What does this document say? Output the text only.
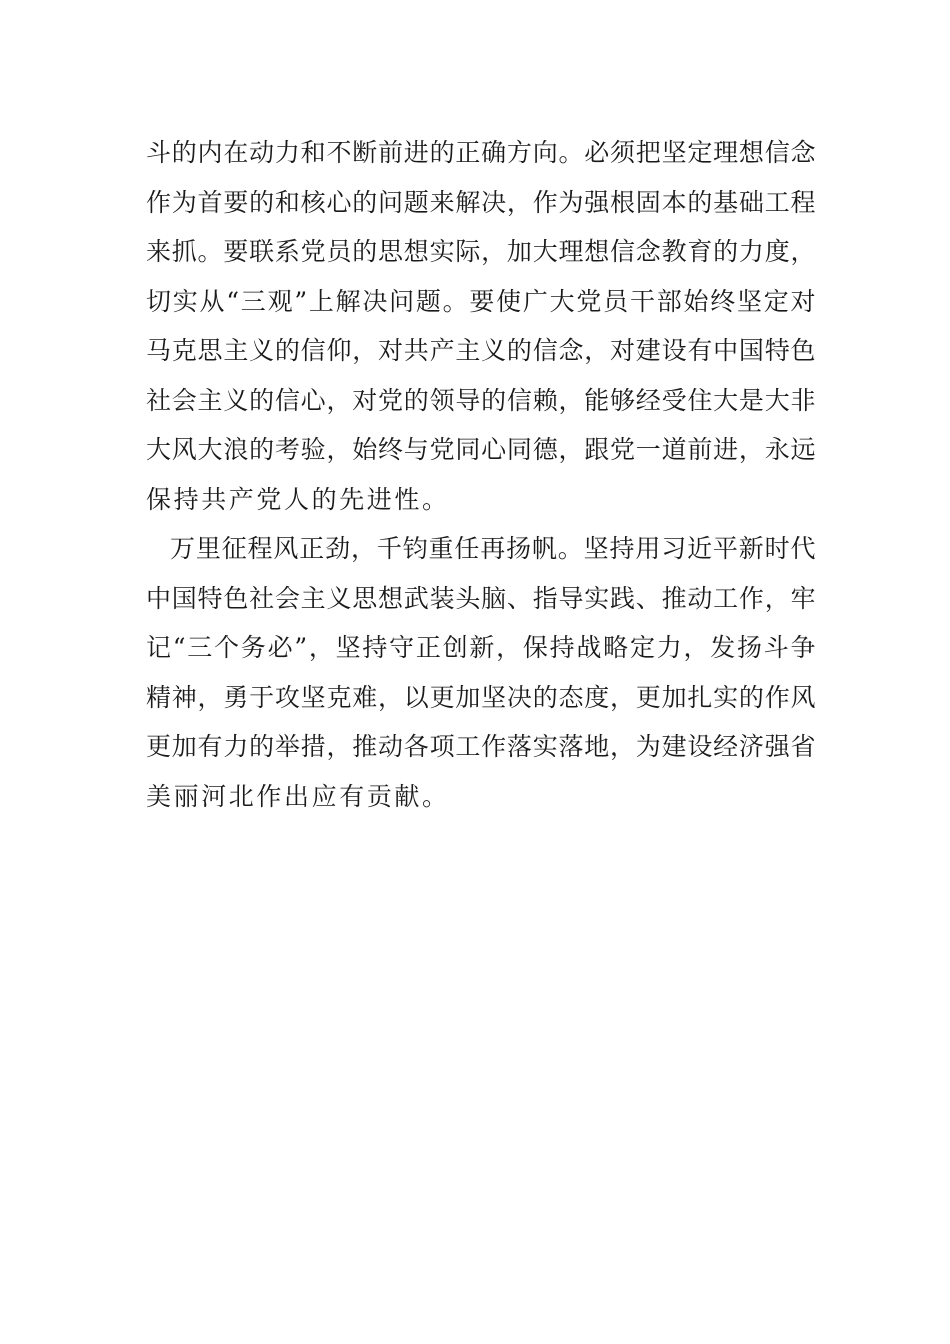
斗的内在动力和不断前进的正确方向。必须把坚定理想信念
作为首要的和核心的问题来解决，作为强根固本的基础工程
来抓。要联系党员的思想实际，加大理想信念教育的力度，
切实从“三观”上解决问题。要使广大党员干部始终坚定对
马克思主义的信仰，对共产主义的信念，对建设有中国特色
社会主义的信心，对党的领导的信赖，能够经受住大是大非
大风大浪的考验，始终与党同心同德，跟党一道前进，永远
保持共产党人的先进性。
万里征程风正劲，千钧重任再扬帆。坚持用习近平新时代
中国特色社会主义思想武装头脑、指导实践、推动工作，牢
记“三个务必”，坚持守正创新，保持战略定力，发扬斗争
精神，勇于攻坚克难，以更加坚决的态度，更加扎实的作风
更加有力的举措，推动各项工作落实落地，为建设经济强省
美丽河北作出应有贡献。
